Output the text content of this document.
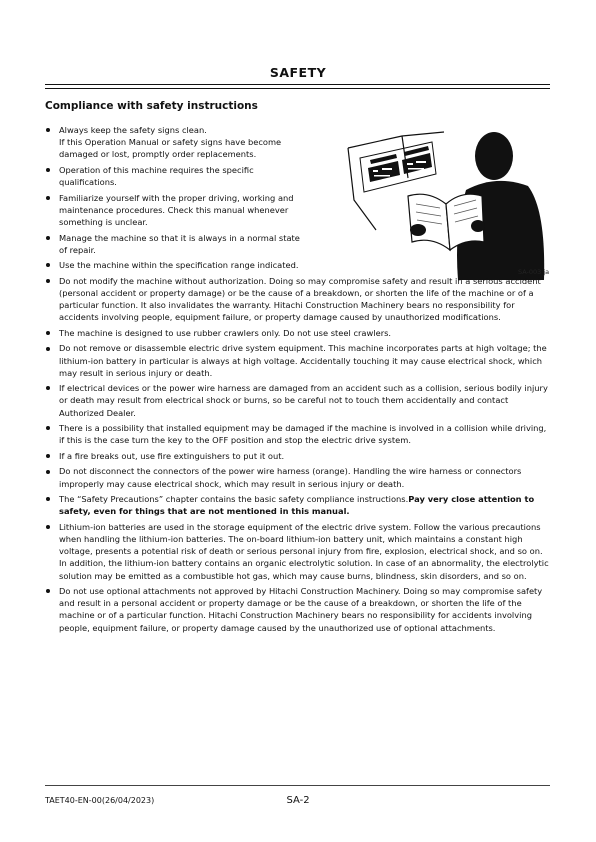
SAFETY
Compliance with safety instructions
SA-003 ja
Always keep the safety signs clean.
If this Operation Manual or safety signs have become damaged or lost, promptly order replacements.
Operation of this machine requires the specific qualifications.
Familiarize yourself with the proper driving, working and maintenance procedures. Check this manual whenever something is unclear.
Manage the machine so that it is always in a normal state of repair.
Use the machine within the specification range indicated.
Do not modify the machine without authorization. Doing so may compromise safety and result in a serious accident (personal accident or property damage) or be the cause of a breakdown, or shorten the life of the machine or of a particular function. It also invalidates the warranty. Hitachi Construction Machinery bears no responsibility for accidents involving people, equipment failure, or property damage caused by unauthorized modifications.
The machine is designed to use rubber crawlers only. Do not use steel crawlers.
Do not remove or disassemble electric drive system equipment. This machine incorporates parts at high voltage; the lithium-ion battery in particular is always at high voltage. Accidentally touching it may cause electrical shock, which may result in serious injury or death.
If electrical devices or the power wire harness are damaged from an accident such as a collision, serious bodily injury or death may result from electrical shock or burns, so be careful not to touch them accidentally and contact Authorized Dealer.
There is a possibility that installed equipment may be damaged if the machine is involved in a collision while driving, if this is the case turn the key to the OFF position and stop the electric drive system.
If a fire breaks out, use fire extinguishers to put it out.
Do not disconnect the connectors of the power wire harness (orange). Handling the wire harness or connectors improperly may cause electrical shock, which may result in serious injury or death.
The “Safety Precautions” chapter contains the basic safety compliance instructions.Pay very close attention to safety, even for things that are not mentioned in this manual.
Lithium-ion batteries are used in the storage equipment of the electric drive system. Follow the various precautions when handling the lithium-ion batteries. The on-board lithium-ion battery unit, which maintains a constant high voltage, presents a potential risk of death or serious personal injury from fire, explosion, electrical shock, and so on. In addition, the lithium-ion battery contains an organic electrolytic solution. In case of an abnormality, the electrolytic solution may be emitted as a combustible hot gas, which may cause burns, blindness, skin disorders, and so on.
Do not use optional attachments not approved by Hitachi Construction Machinery. Doing so may compromise safety and result in a personal accident or property damage or be the cause of a breakdown, or shorten the life of the machine or of a particular function. Hitachi Construction Machinery bears no responsibility for accidents involving people, equipment failure, or property damage caused by the unauthorized use of optional attachments.
TAET40-EN-00(26/04/2023)	SA-2
